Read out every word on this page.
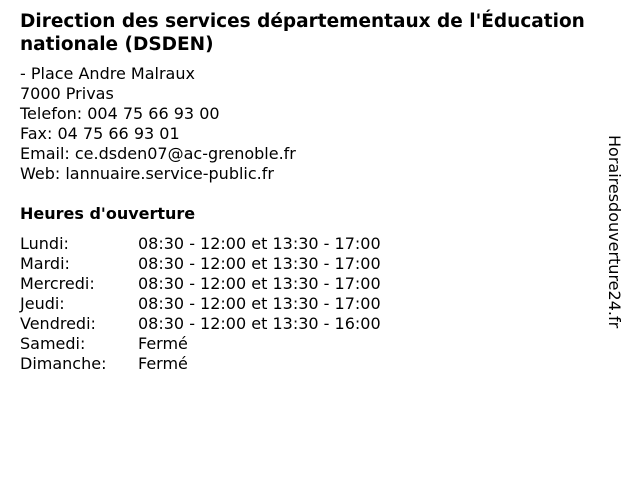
Direction des services départementaux de l'Éducation nationale (DSDEN)
- Place Andre Malraux
7000 Privas
Telefon: 004 75 66 93 00
Fax: 04 75 66 93 01
Email: ce.dsden07@ac-grenoble.fr
Web: lannuaire.service-public.fr
Heures d'ouverture
Lundi:	08:30 - 12:00 et 13:30 - 17:00
Mardi:	08:30 - 12:00 et 13:30 - 17:00
Mercredi:	08:30 - 12:00 et 13:30 - 17:00
Jeudi:	08:30 - 12:00 et 13:30 - 17:00
Vendredi:	08:30 - 12:00 et 13:30 - 16:00
Samedi:	Fermé
Dimanche:	Fermé
Horairesdouverture24.fr
